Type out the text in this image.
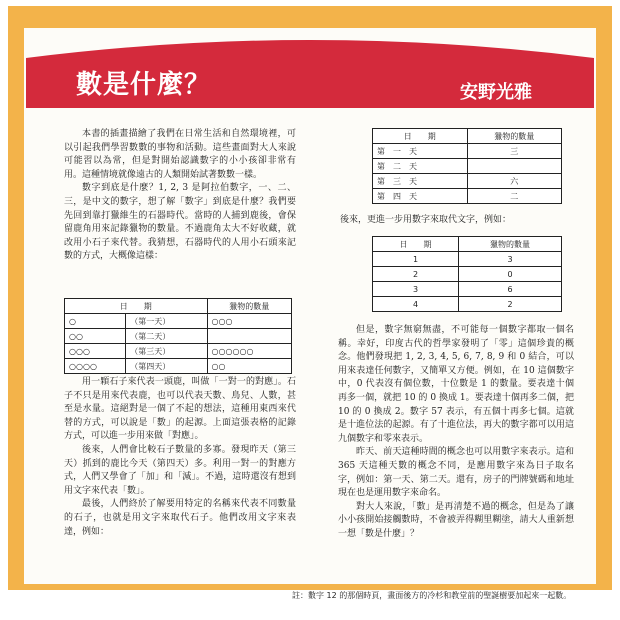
數是什麼？	安野光雅

本書的插畫描繪了我們在日常生活和自然環境裡，可以引起我們學習數數的事物和活動。這些畫面對大人來說可能習以為常，但是對開始認識數字的小小孩卻非常有用。這種情境就像遠古的人類開始試著數數一樣。

數字到底是什麼？1, 2, 3 是阿拉伯數字，一、二、三，是中文的數字，想了解「數字」到底是什麼？我們要先回到靠打獵維生的石器時代。當時的人捕到鹿後，會保留鹿角用來記錄獵物的數量。不過鹿角太大不好收藏，就改用小石子來代替。我猜想，石器時代的人用小石頭來記數的方式，大概像這樣：

日　　期		獵物的數量
○	（第一天）	○○○
○○	（第二天）	
○○○	（第三天）	○○○○○○
○○○○	（第四天）	○○

用一顆石子來代表一頭鹿，叫做「一對一的對應」。石子不只是用來代表鹿，也可以代表天數、鳥兒、人數，甚至是水量。這絕對是一個了不起的想法，這種用東西來代替的方式，可以說是「數」的起源。上面這張表格的記錄方式，可以進一步用來做「對應」。

後來，人們會比較石子數量的多寡。發現昨天（第三天）抓到的鹿比今天（第四天）多。利用一對一的對應方式，人們又學會了「加」和「減」。不過，這時還沒有想到用文字來代表「數」。

最後，人們終於了解要用特定的名稱來代表不同數量的石子，也就是用文字來取代石子。他們改用文字來表達，例如：

日　　期	獵物的數量
第　一　天	三
第　二　天	
第　三　天	六
第　四　天	二
後來，更進一步用數字來取代文字，例如：
日　　期	獵物的數量
1	3
2	0
3	6
4	2

但是，數字無窮無盡，不可能每一個數字都取一個名稱。幸好，印度古代的哲學家發明了「零」這個珍貴的概念。他們發現把 1, 2, 3, 4, 5, 6, 7, 8, 9 和 0 結合，可以用來表達任何數字，又簡單又方便。例如，在 10 這個數字中，0 代表沒有個位數，十位數是 1 的數量。要表達十個再多一個，就把 10 的 0 換成 1。要表達十個再多二個，把 10 的 0 換成 2。數字 57 表示，有五個十再多七個。這就是十進位法的起源。有了十進位法，再大的數字都可以用這九個數字和零來表示。

昨天、前天這種時間的概念也可以用數字來表示。這和 365 天這種天數的概念不同，是應用數字來為日子取名字，例如：第一天、第二天。還有，房子的門牌號碼和地址現在也是運用數字來命名。

對大人來說，「數」是再清楚不過的概念，但是為了讓小小孩開始接觸數時，不會被弄得糊里糊塗，請大人重新想一想「數是什麼」？

註：數字 12 的那個時頁，畫面後方的冷杉和教堂前的聖誕樹要加起來一起數。
